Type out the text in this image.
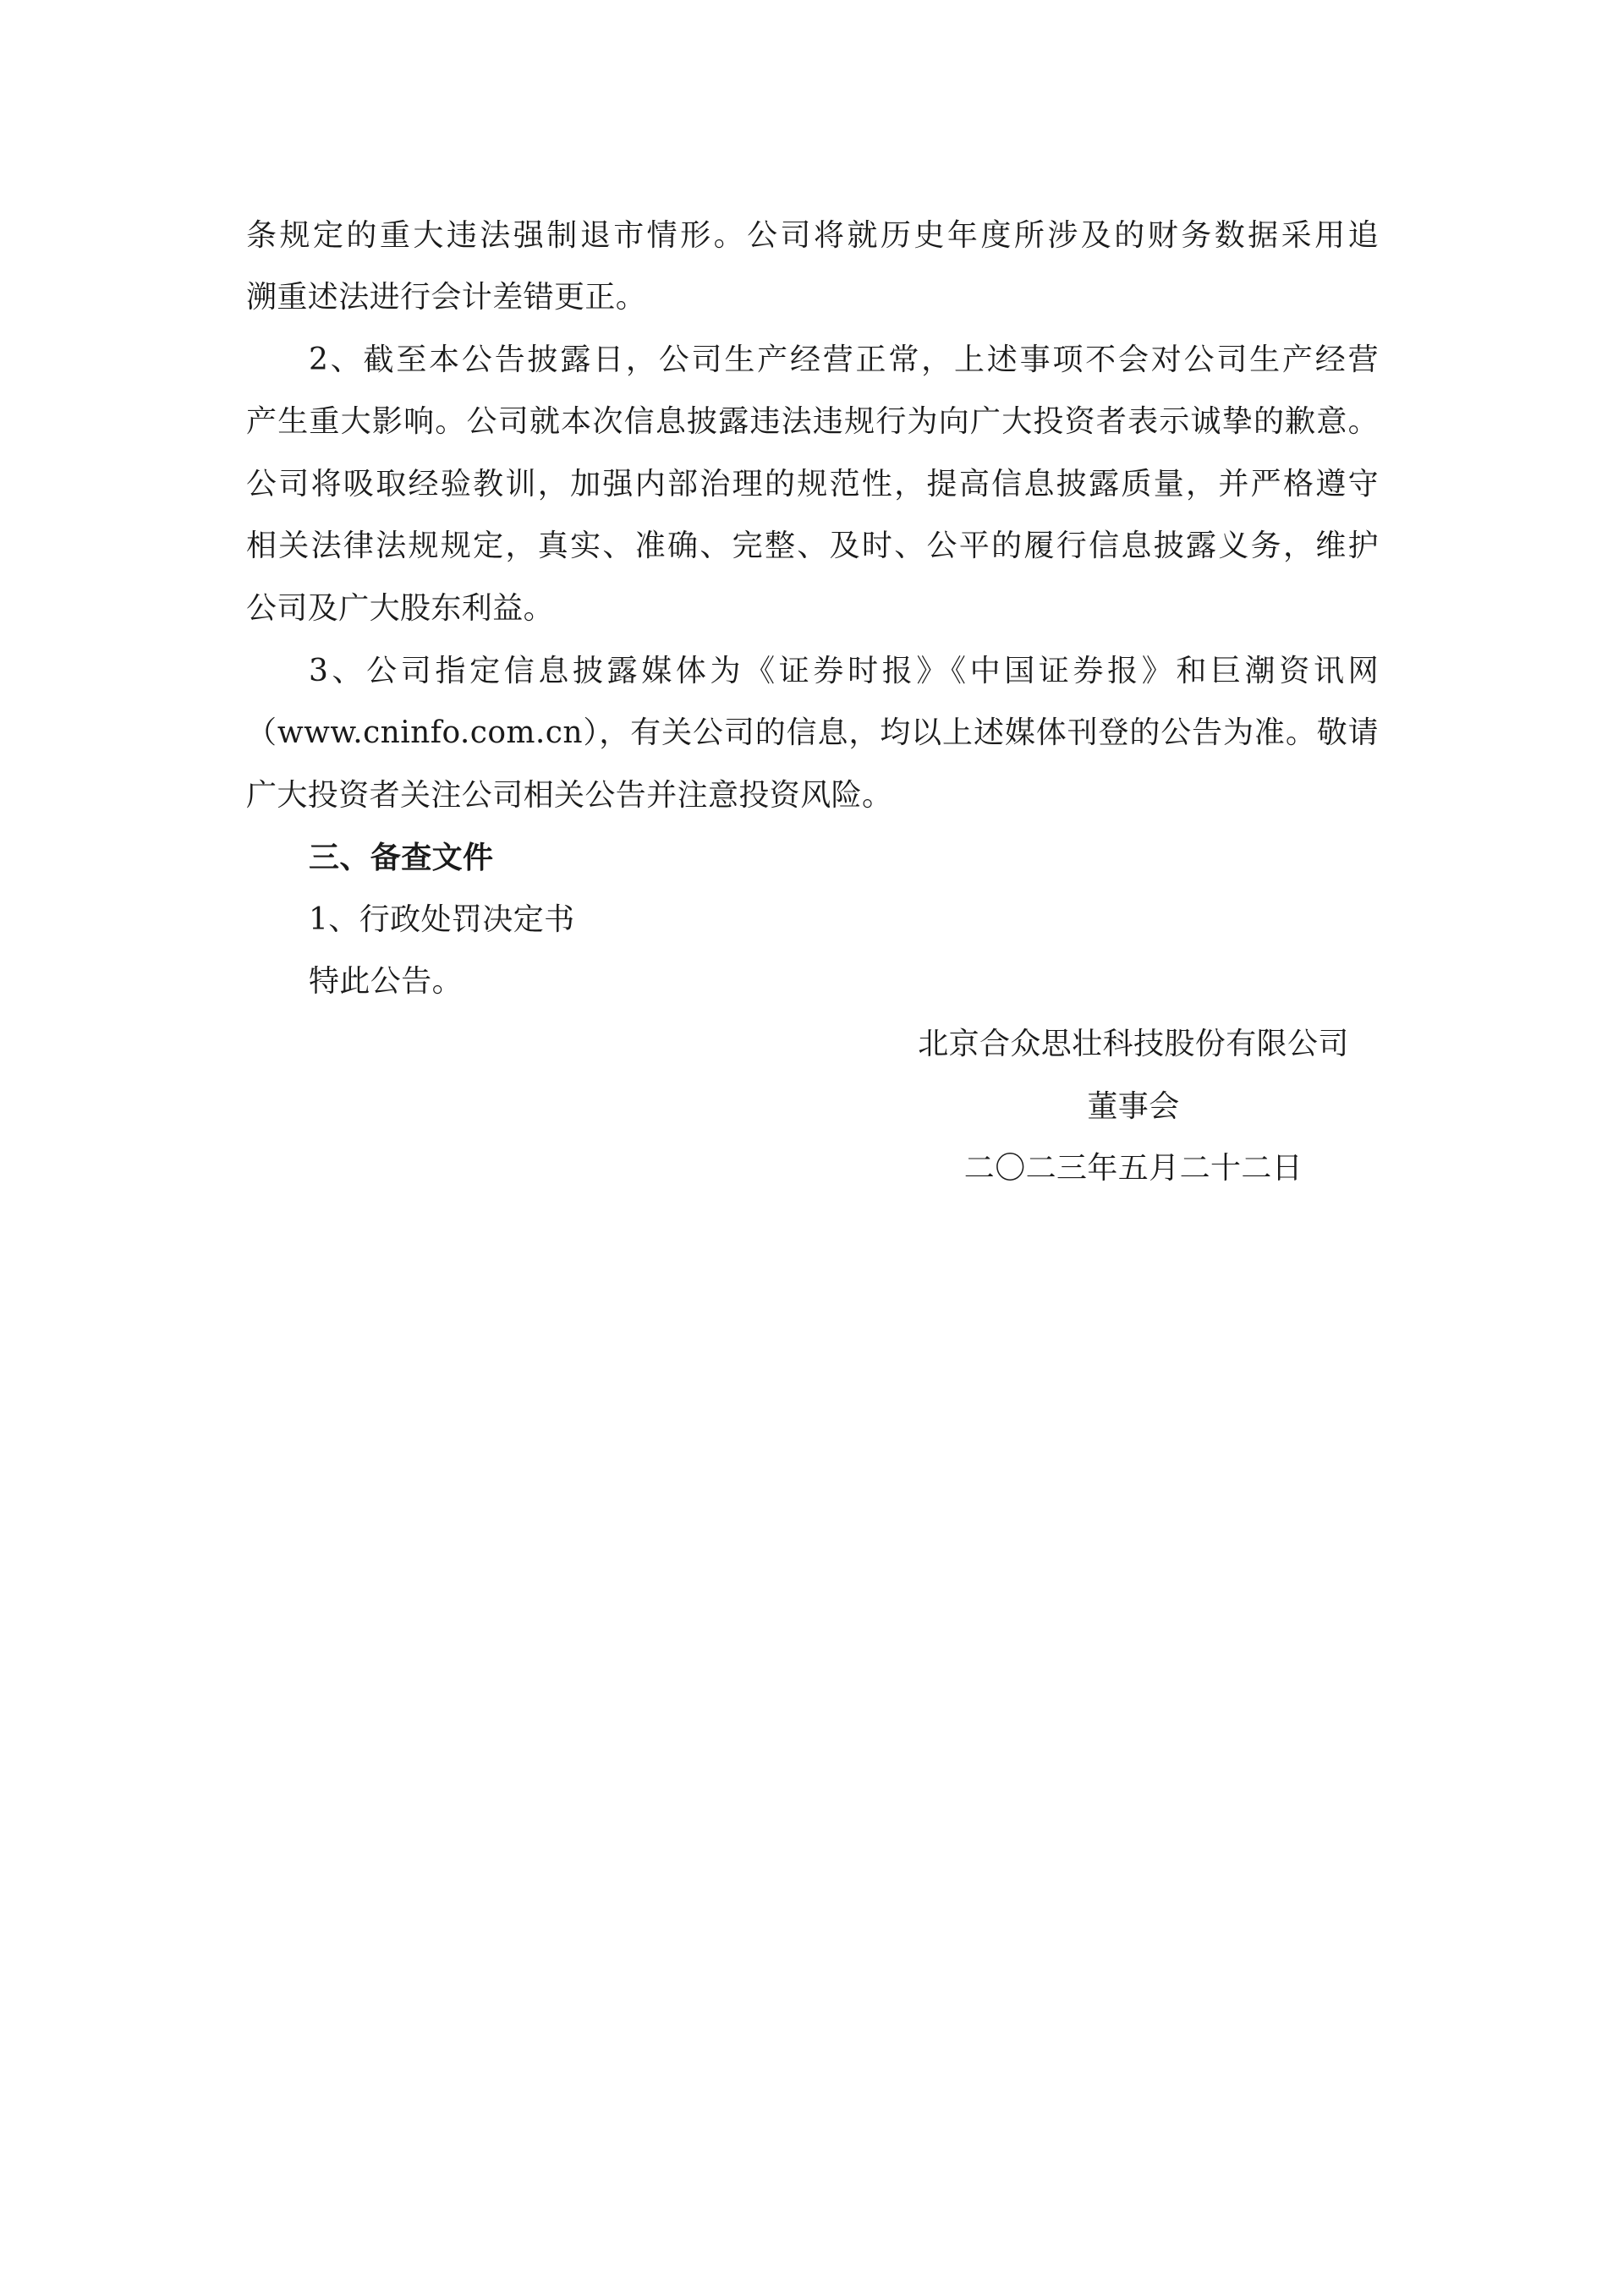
条规定的重大违法强制退市情形。公司将就历史年度所涉及的财务数据采用追
溯重述法进行会计差错更正。
2、截至本公告披露日，公司生产经营正常，上述事项不会对公司生产经营
产生重大影响。公司就本次信息披露违法违规行为向广大投资者表示诚挚的歉意。
公司将吸取经验教训，加强内部治理的规范性，提高信息披露质量，并严格遵守
相关法律法规规定，真实、准确、完整、及时、公平的履行信息披露义务，维护
公司及广大股东利益。
3、公司指定信息披露媒体为《证券时报》《中国证券报》和巨潮资讯网
（www.cninfo.com.cn），有关公司的信息，均以上述媒体刊登的公告为准。敬请
广大投资者关注公司相关公告并注意投资风险。
三、备查文件
1、行政处罚决定书
特此公告。
北京合众思壮科技股份有限公司
董事会
二〇二三年五月二十二日
